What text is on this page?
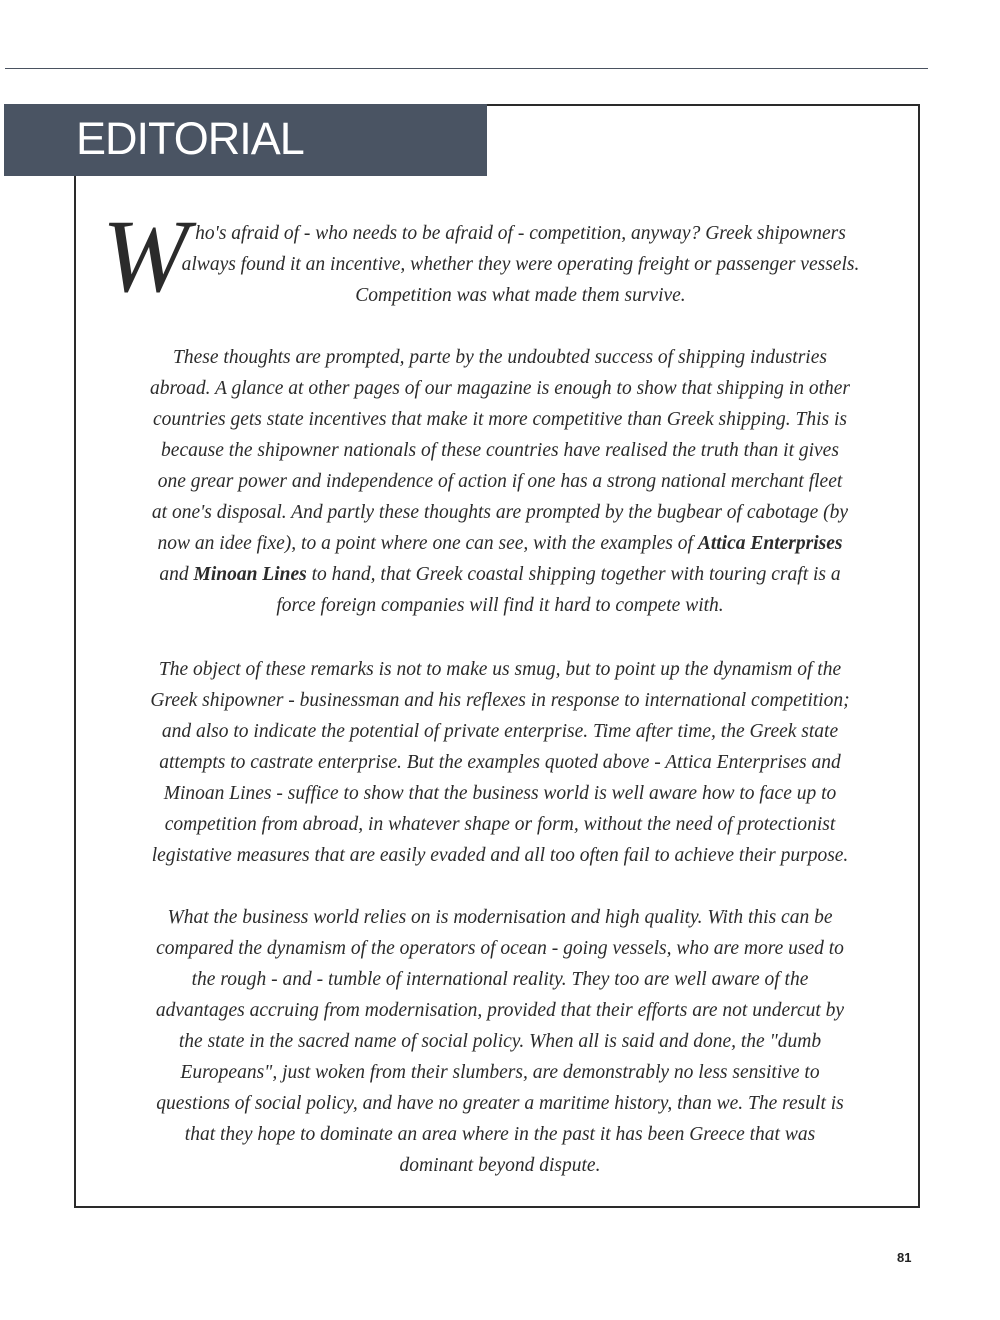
EDITORIAL
W ho's afraid of - who needs to be afraid of - competition, anyway? Greek shipowners always found it an incentive, whether they were operating freight or passenger vessels. Competition was what made them survive.
These thoughts are prompted, parte by the undoubted success of shipping industries abroad. A glance at other pages of our magazine is enough to show that shipping in other countries gets state incentives that make it more competitive than Greek shipping. This is because the shipowner nationals of these countries have realised the truth than it gives one grear power and independence of action if one has a strong national merchant fleet at one's disposal. And partly these thoughts are prompted by the bugbear of cabotage (by now an idee fixe), to a point where one can see, with the examples of Attica Enterprises and Minoan Lines to hand, that Greek coastal shipping together with touring craft is a force foreign companies will find it hard to compete with.
The object of these remarks is not to make us smug, but to point up the dynamism of the Greek shipowner - businessman and his reflexes in response to international competition; and also to indicate the potential of private enterprise. Time after time, the Greek state attempts to castrate enterprise. But the examples quoted above - Attica Enterprises and Minoan Lines - suffice to show that the business world is well aware how to face up to competition from abroad, in whatever shape or form, without the need of protectionist legistative measures that are easily evaded and all too often fail to achieve their purpose.
What the business world relies on is modernisation and high quality. With this can be compared the dynamism of the operators of ocean - going vessels, who are more used to the rough - and - tumble of international reality. They too are well aware of the advantages accruing from modernisation, provided that their efforts are not undercut by the state in the sacred name of social policy. When all is said and done, the "dumb Europeans", just woken from their slumbers, are demonstrably no less sensitive to questions of social policy, and have no greater a maritime history, than we. The result is that they hope to dominate an area where in the past it has been Greece that was dominant beyond dispute.
81
